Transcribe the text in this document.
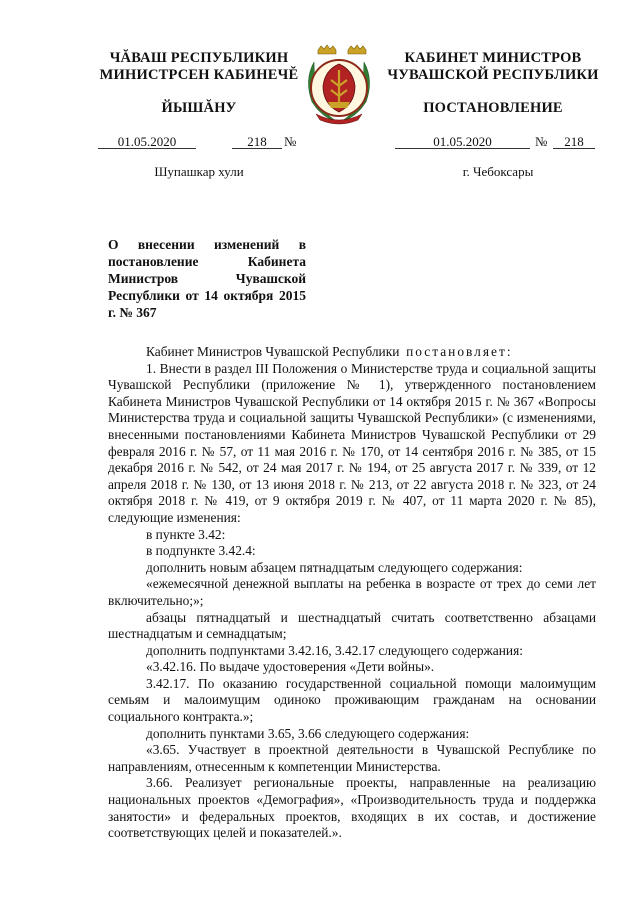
ЧĂВАШ РЕСПУБЛИКИН
МИНИСТРСЕН КАБИНЕЧĔ
ЙЫШĂНУ
01.05.2020	218	№
Шупашкар хули
КАБИНЕТ МИНИСТРОВ
ЧУВАШСКОЙ РЕСПУБЛИКИ
ПОСТАНОВЛЕНИЕ
01.05.2020	№	218
г. Чебоксары
О внесении изменений в постановление Кабинета Министров Чувашской Республики от 14 октября 2015 г. № 367

Кабинет Министров Чувашской Республики постановляет:

1. Внести в раздел III Положения о Министерстве труда и социальной защиты Чувашской Республики (приложение № 1), утвержденного постановлением Кабинета Министров Чувашской Республики от 14 октября 2015 г. № 367 «Вопросы Министерства труда и социальной защиты Чувашской Республики» (с изменениями, внесенными постановлениями Кабинета Министров Чувашской Республики от 29 февраля 2016 г. № 57, от 11 мая 2016 г. № 170, от 14 сентября 2016 г. № 385, от 15 декабря 2016 г. № 542, от 24 мая 2017 г. № 194, от 25 августа 2017 г. № 339, от 12 апреля 2018 г. № 130, от 13 июня 2018 г. № 213, от 22 августа 2018 г. № 323, от 24 октября 2018 г. № 419, от 9 октября 2019 г. № 407, от 11 марта 2020 г. № 85), следующие изменения:

в пункте 3.42:

в подпункте 3.42.4:

дополнить новым абзацем пятнадцатым следующего содержания:

«ежемесячной денежной выплаты на ребенка в возрасте от трех до семи лет включительно;»;

абзацы пятнадцатый и шестнадцатый считать соответственно абзацами шестнадцатым и семнадцатым;

дополнить подпунктами 3.42.16, 3.42.17 следующего содержания:

«3.42.16. По выдаче удостоверения «Дети войны».

3.42.17. По оказанию государственной социальной помощи малоимущим семьям и малоимущим одиноко проживающим гражданам на основании социального контракта.»;

дополнить пунктами 3.65, 3.66 следующего содержания:

«3.65. Участвует в проектной деятельности в Чувашской Республике по направлениям, отнесенным к компетенции Министерства.

3.66. Реализует региональные проекты, направленные на реализацию национальных проектов «Демография», «Производительность труда и поддержка занятости» и федеральных проектов, входящих в их состав, и достижение соответствующих целей и показателей.».
